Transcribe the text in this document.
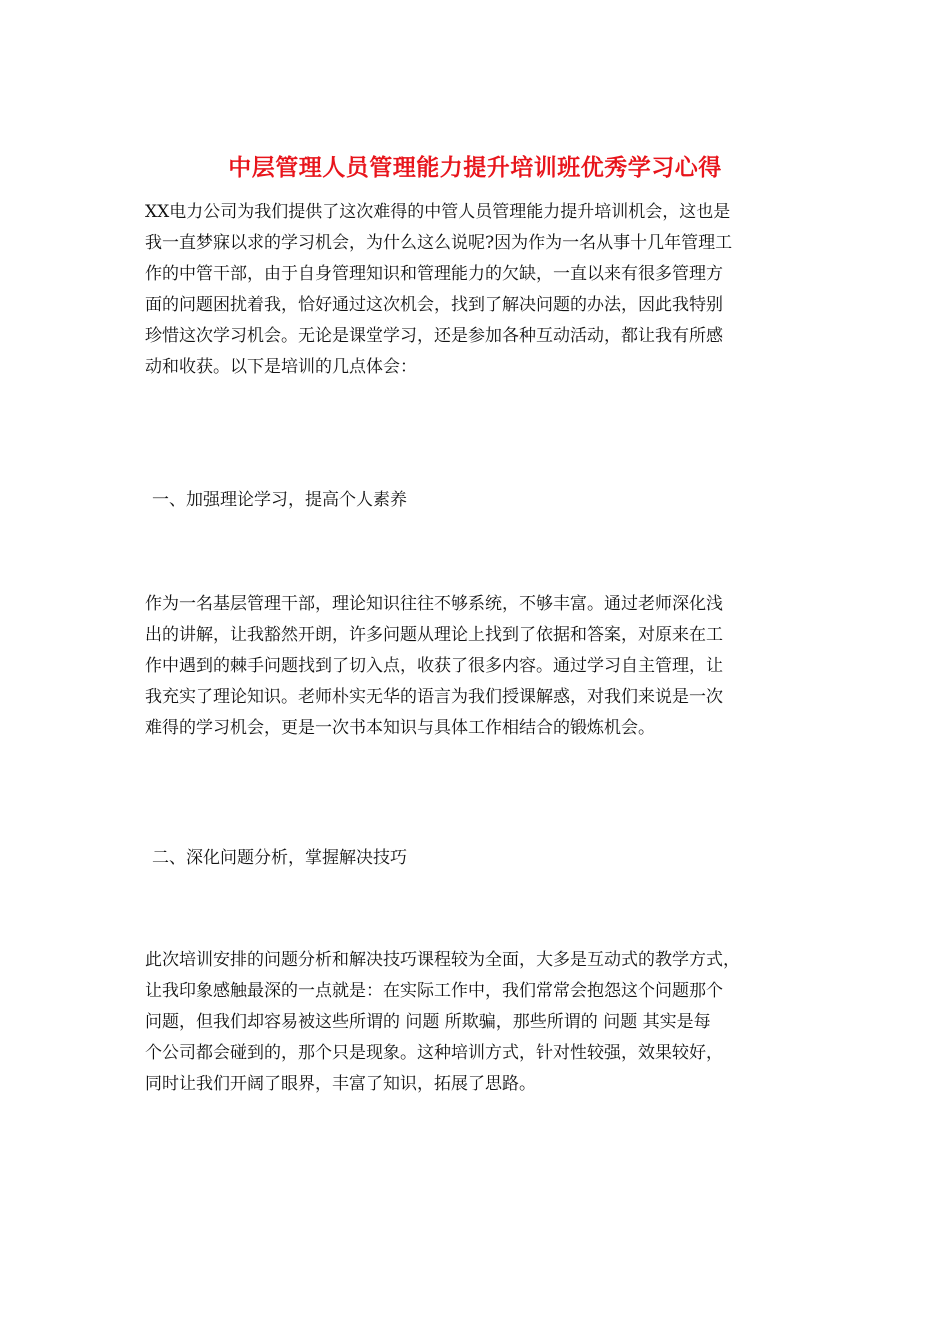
中层管理人员管理能力提升培训班优秀学习心得
XX电力公司为我们提供了这次难得的中管人员管理能力提升培训机会，这也是
我一直梦寐以求的学习机会，为什么这么说呢?因为作为一名从事十几年管理工
作的中管干部，由于自身管理知识和管理能力的欠缺，一直以来有很多管理方
面的问题困扰着我，恰好通过这次机会，找到了解决问题的办法，因此我特别
珍惜这次学习机会。无论是课堂学习，还是参加各种互动活动，都让我有所感
动和收获。以下是培训的几点体会：
一、加强理论学习，提高个人素养
作为一名基层管理干部，理论知识往往不够系统，不够丰富。通过老师深化浅
出的讲解，让我豁然开朗，许多问题从理论上找到了依据和答案，对原来在工
作中遇到的棘手问题找到了切入点，收获了很多内容。通过学习自主管理，让
我充实了理论知识。老师朴实无华的语言为我们授课解惑，对我们来说是一次
难得的学习机会，更是一次书本知识与具体工作相结合的锻炼机会。
二、深化问题分析，掌握解决技巧
此次培训安排的问题分析和解决技巧课程较为全面，大多是互动式的教学方式，
让我印象感触最深的一点就是：在实际工作中，我们常常会抱怨这个问题那个
问题，但我们却容易被这些所谓的 问题 所欺骗，那些所谓的 问题 其实是每
个公司都会碰到的，那个只是现象。这种培训方式，针对性较强，效果较好，
同时让我们开阔了眼界，丰富了知识，拓展了思路。
